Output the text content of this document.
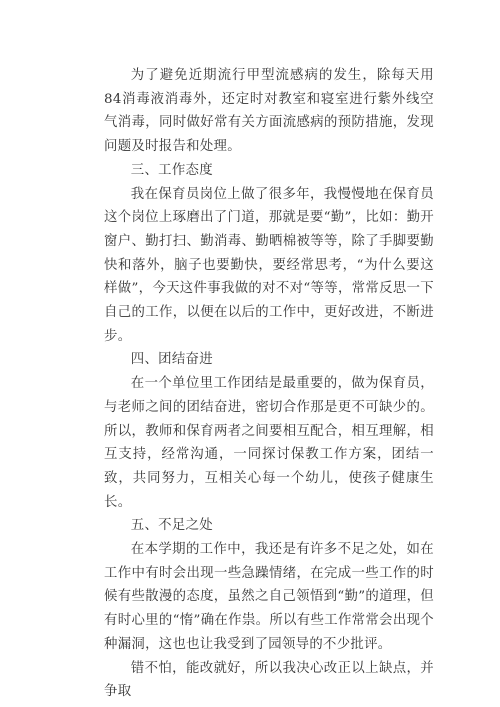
为了避免近期流行甲型流感病的发生，除每天用84消毒液消毒外，还定时对教室和寝室进行紫外线空气消毒，同时做好常有关方面流感病的预防措施，发现问题及时报告和处理。

三、工作态度

我在保育员岗位上做了很多年，我慢慢地在保育员这个岗位上琢磨出了门道，那就是要“勤”，比如：勤开窗户、勤打扫、勤消毒、勤晒棉被等等，除了手脚要勤快和落外，脑子也要勤快，要经常思考，“为什么要这样做”，今天这件事我做的对不对“等等，常常反思一下自己的工作，以便在以后的工作中，更好改进，不断进步。

四、团结奋进

在一个单位里工作团结是最重要的，做为保育员，与老师之间的团结奋进，密切合作那是更不可缺少的。所以，教师和保育两者之间要相互配合，相互理解，相互支持，经常沟通，一同探讨保教工作方案，团结一致，共同努力，互相关心每一个幼儿，使孩子健康生长。

五、不足之处

在本学期的工作中，我还是有许多不足之处，如在工作中有时会出现一些急躁情绪，在完成一些工作的时候有些散漫的态度，虽然之自己领悟到“勤”的道理，但有时心里的“惰”确在作祟。所以有些工作常常会出现个种漏洞，这也也让我受到了园领导的不少批评。

错不怕，能改就好，所以我决心改正以上缺点，并争取
